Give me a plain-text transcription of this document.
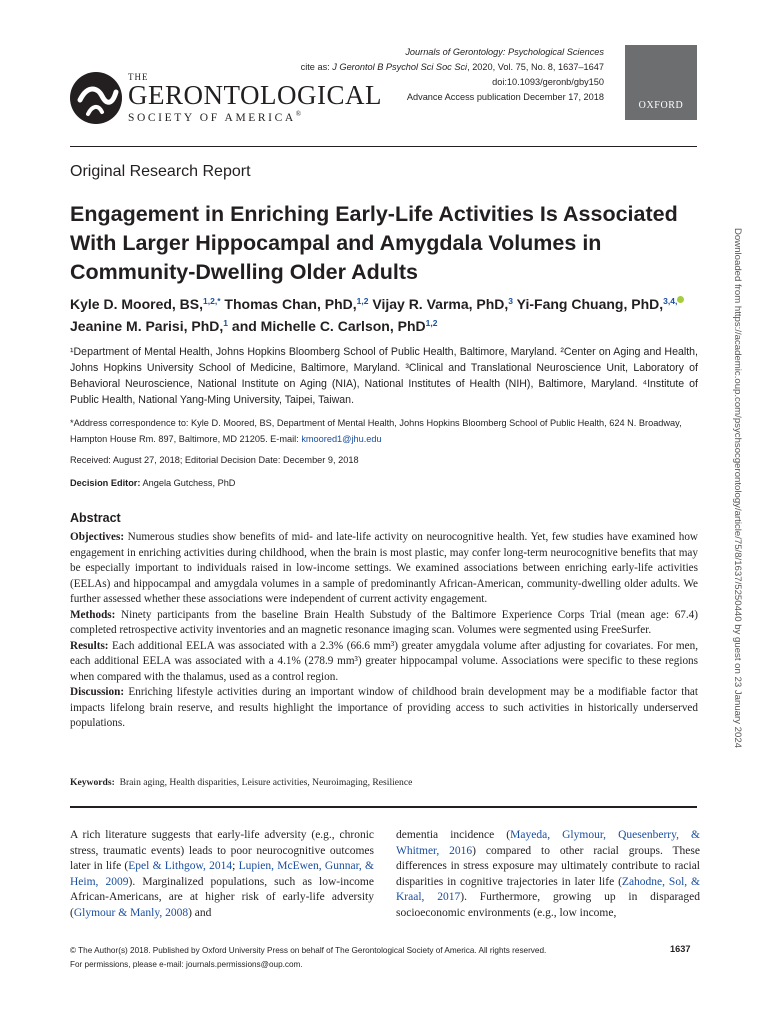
THE
GERONTOLOGICAL
SOCIETY OF AMERICA®
Journals of Gerontology: Psychological Sciences
cite as: J Gerontol B Psychol Sci Soc Sci, 2020, Vol. 75, No. 8, 1637–1647
doi:10.1093/geronb/gby150
Advance Access publication December 17, 2018
OXFORD
Original Research Report
Engagement in Enriching Early-Life Activities Is Associated With Larger Hippocampal and Amygdala Volumes in Community-Dwelling Older Adults
Kyle D. Moored, BS,$^{1,2,*}$ Thomas Chan, PhD,$^{1,2}$ Vijay R. Varma, PhD,$^3$ Yi-Fang Chuang, PhD,$^{3,4,}$ Jeanine M. Parisi, PhD,$^1$ and Michelle C. Carlson, PhD$^{1,2}$
¹Department of Mental Health, Johns Hopkins Bloomberg School of Public Health, Baltimore, Maryland. ²Center on Aging and Health, Johns Hopkins University School of Medicine, Baltimore, Maryland. ³Clinical and Translational Neuroscience Unit, Laboratory of Behavioral Neuroscience, National Institute on Aging (NIA), National Institutes of Health (NIH), Baltimore, Maryland. ⁴Institute of Public Health, National Yang-Ming University, Taipei, Taiwan.
*Address correspondence to: Kyle D. Moored, BS, Department of Mental Health, Johns Hopkins Bloomberg School of Public Health, 624 N. Broadway, Hampton House Rm. 897, Baltimore, MD 21205. E-mail: kmoored1@jhu.edu
Received: August 27, 2018; Editorial Decision Date: December 9, 2018
Decision Editor: Angela Gutchess, PhD
Abstract
Objectives: Numerous studies show benefits of mid- and late-life activity on neurocognitive health. Yet, few studies have examined how engagement in enriching activities during childhood, when the brain is most plastic, may confer long-term neurocognitive benefits that may be especially important to individuals raised in low-income settings. We examined associations between enriching early-life activities (EELAs) and hippocampal and amygdala volumes in a sample of predominantly African-American, community-dwelling older adults. We further assessed whether these associations were independent of current activity engagement.
Methods: Ninety participants from the baseline Brain Health Substudy of the Baltimore Experience Corps Trial (mean age: 67.4) completed retrospective activity inventories and an magnetic resonance imaging scan. Volumes were segmented using FreeSurfer.
Results: Each additional EELA was associated with a 2.3% (66.6 mm³) greater amygdala volume after adjusting for covariates. For men, each additional EELA was associated with a 4.1% (278.9 mm³) greater hippocampal volume. Associations were specific to these regions when compared with the thalamus, used as a control region.
Discussion: Enriching lifestyle activities during an important window of childhood brain development may be a modifiable factor that impacts lifelong brain reserve, and results highlight the importance of providing access to such activities in historically underserved populations.
Keywords: Brain aging, Health disparities, Leisure activities, Neuroimaging, Resilience
A rich literature suggests that early-life adversity (e.g., chronic stress, traumatic events) leads to poor neurocognitive outcomes later in life (Epel & Lithgow, 2014; Lupien, McEwen, Gunnar, & Heim, 2009). Marginalized populations, such as low-income African-Americans, are at higher risk of early-life adversity (Glymour & Manly, 2008) and
dementia incidence (Mayeda, Glymour, Quesenberry, & Whitmer, 2016) compared to other racial groups. These differences in stress exposure may ultimately contribute to racial disparities in cognitive trajectories in later life (Zahodne, Sol, & Kraal, 2017). Furthermore, growing up in disparaged socioeconomic environments (e.g., low income,
© The Author(s) 2018. Published by Oxford University Press on behalf of The Gerontological Society of America. All rights reserved.
For permissions, please e-mail: journals.permissions@oup.com.
1637
Downloaded from https://academic.oup.com/psychsocgerontology/article/75/8/1637/5250440 by guest on 23 January 2024
